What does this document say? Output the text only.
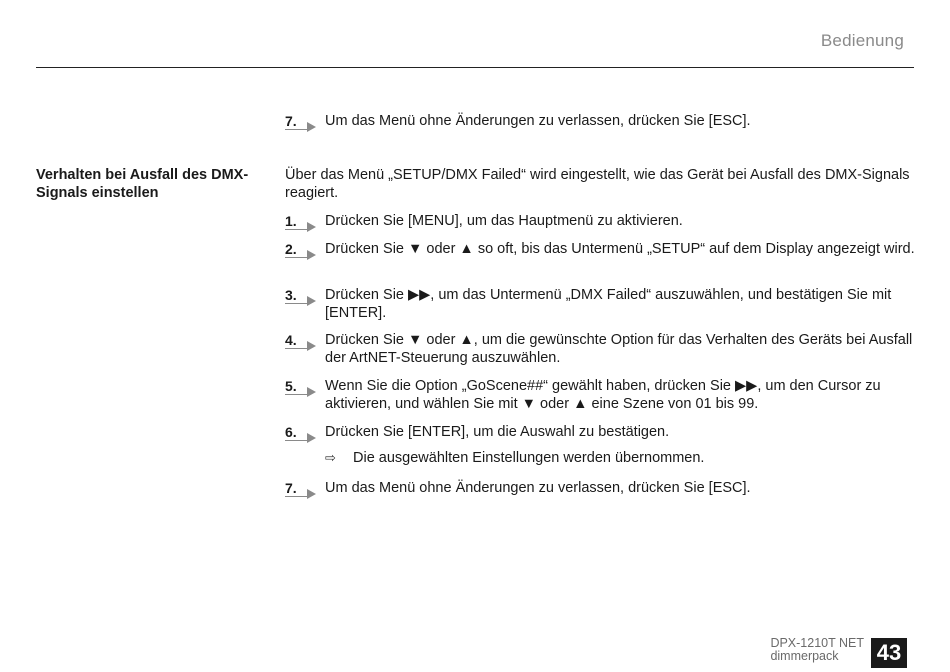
Bedienung
7. Um das Menü ohne Änderungen zu verlassen, drücken Sie [ESC].
Verhalten bei Ausfall des DMX-Signals einstellen
Über das Menü „SETUP/DMX Failed“ wird eingestellt, wie das Gerät bei Ausfall des DMX-Signals reagiert.
1. Drücken Sie [MENU], um das Hauptmenü zu aktivieren.
2. Drücken Sie ▼ oder ▲ so oft, bis das Untermenü „SETUP“ auf dem Display angezeigt wird.
3. Drücken Sie ▶▶, um das Untermenü „DMX Failed“ auszuwählen, und bestätigen Sie mit [ENTER].
4. Drücken Sie ▼ oder ▲, um die gewünschte Option für das Verhalten des Geräts bei Ausfall der ArtNET-Steuerung auszuwählen.
5. Wenn Sie die Option „GoScene##“ gewählt haben, drücken Sie ▶▶, um den Cursor zu aktivieren, und wählen Sie mit ▼ oder ▲ eine Szene von 01 bis 99.
6. Drücken Sie [ENTER], um die Auswahl zu bestätigen.
⇨ Die ausgewählten Einstellungen werden übernommen.
7. Um das Menü ohne Änderungen zu verlassen, drücken Sie [ESC].
DPX-1210T NET
dimmerpack	43
